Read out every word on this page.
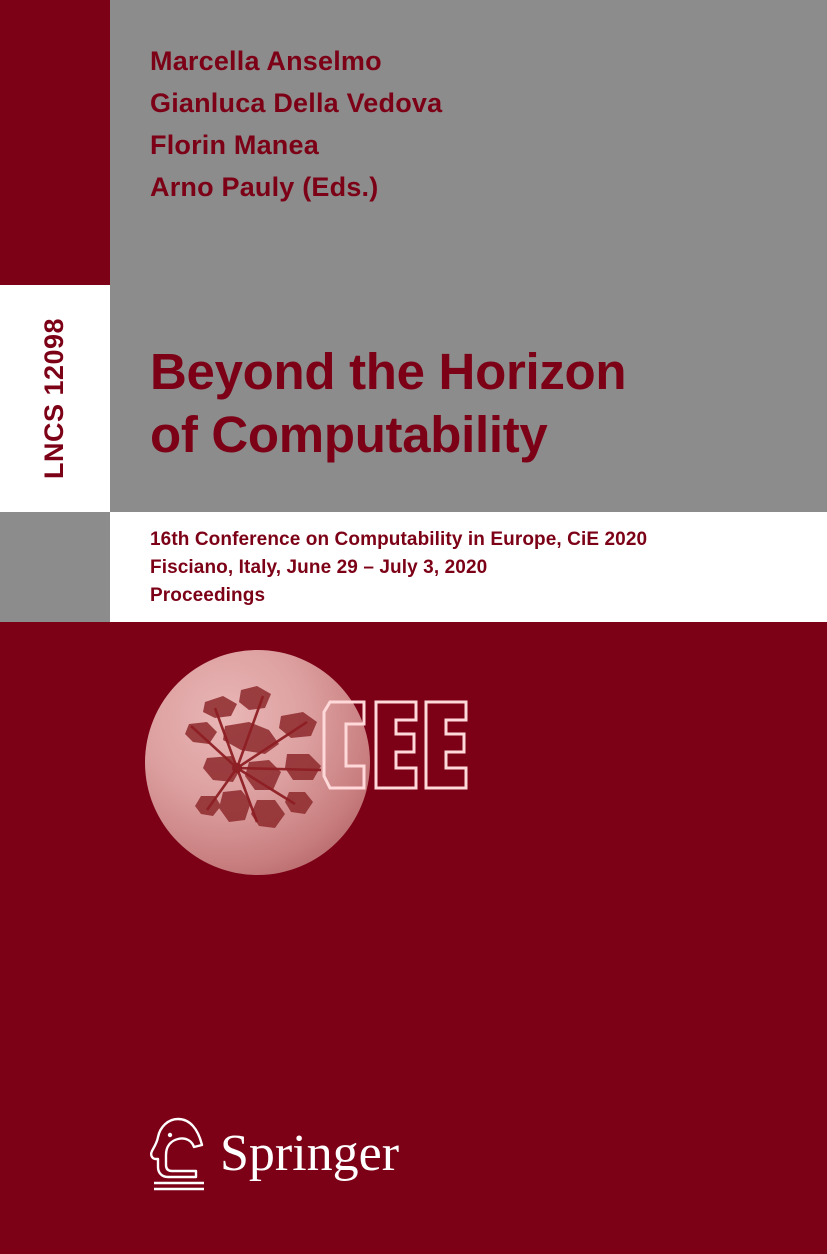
LNCS 12098
Marcella Anselmo
Gianluca Della Vedova
Florin Manea
Arno Pauly (Eds.)
Beyond the Horizon
of Computability
16th Conference on Computability in Europe, CiE 2020
Fisciano, Italy, June 29 – July 3, 2020
Proceedings
Springer
